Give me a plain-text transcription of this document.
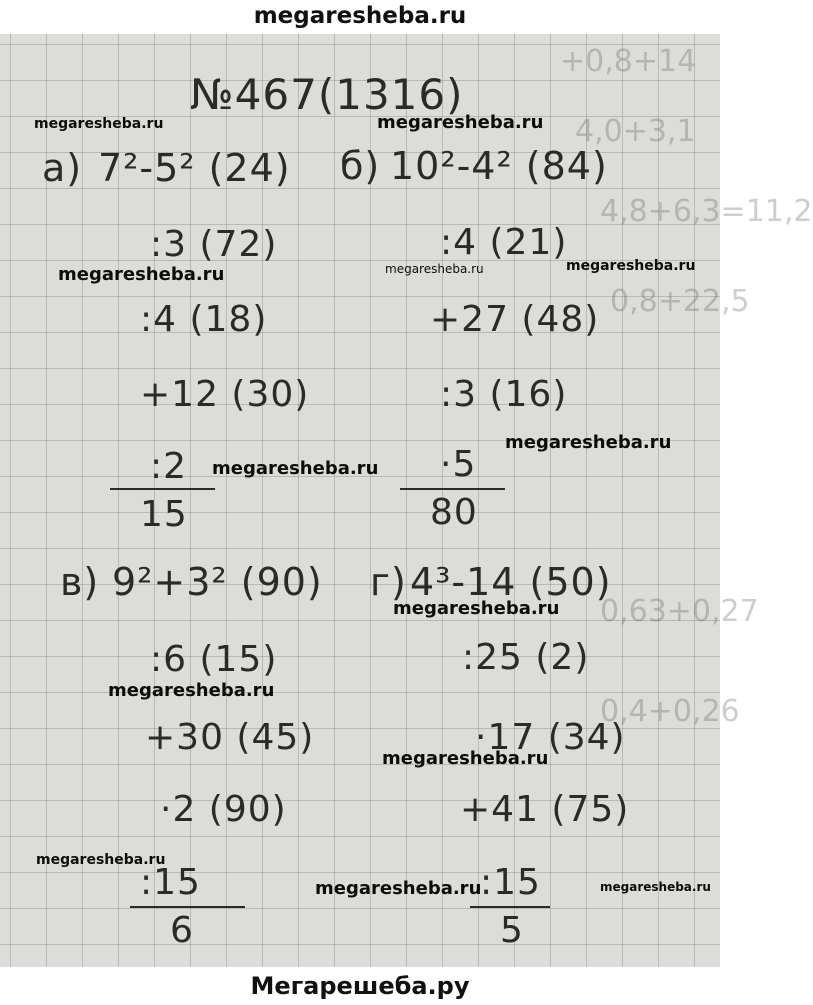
megaresheba.ru
+0,8+14
4,0+3,1
4,8+6,3=11,2
0,8+22,5
0,63+0,27
0,4+0,26
№467(1316)
а) 7²-5² (24)
:3 (72)
:4 (18)
+12 (30)
:2
15
б) 10²-4² (84)
:4 (21)
+27 (48)
:3 (16)
·5
80
в) 9²+3² (90)
:6 (15)
+30 (45)
·2 (90)
:15
6
г) 4³-14 (50)
:25 (2)
·17 (34)
+41 (75)
:15
5
megaresheba.ru	megaresheba.ru
megaresheba.ru	megaresheba.ru	megaresheba.ru
megaresheba.ru
megaresheba.ru
megaresheba.ru
megaresheba.ru
megaresheba.ru
megaresheba.ru
megaresheba.ru	megaresheba.ru
Мегарешеба.ру
